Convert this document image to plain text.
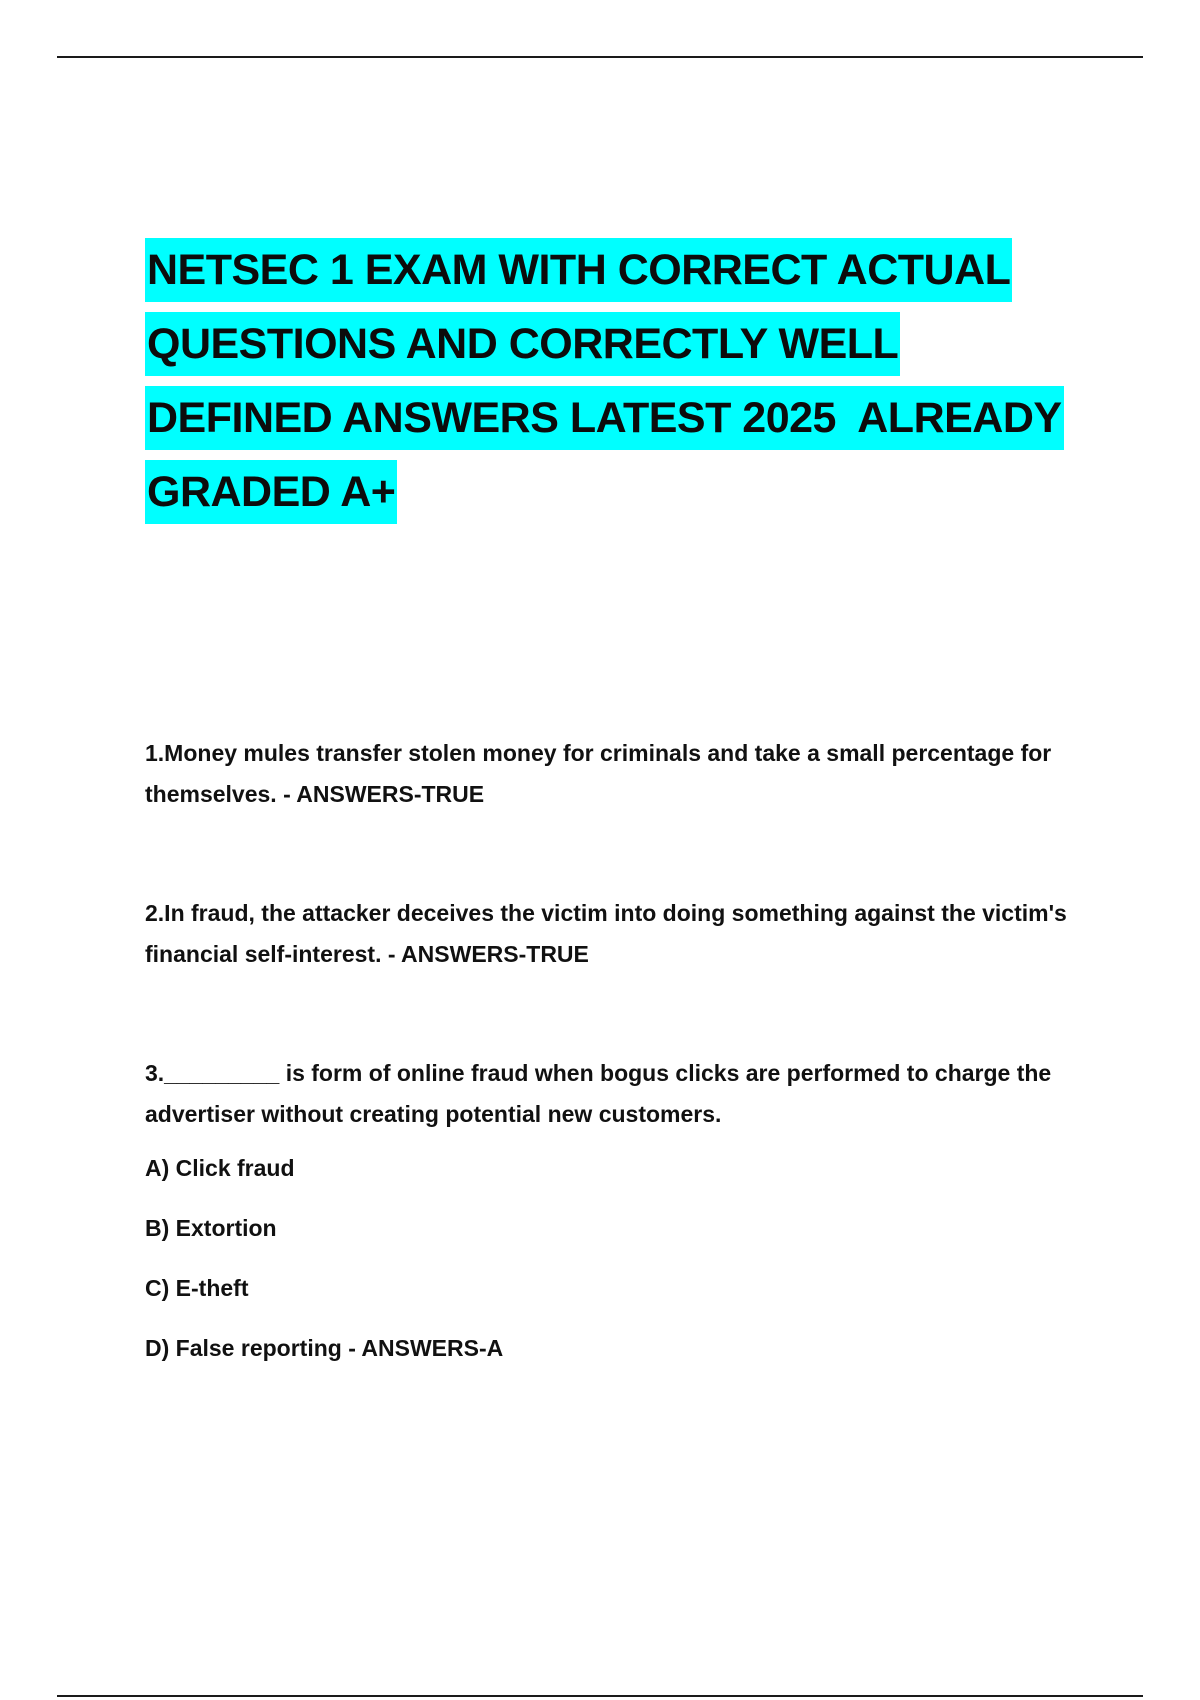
NETSEC 1 EXAM WITH CORRECT ACTUAL
QUESTIONS AND CORRECTLY WELL
DEFINED ANSWERS LATEST 2025  ALREADY
GRADED A+

1.Money mules transfer stolen money for criminals and take a small percentage for themselves. - ANSWERS-TRUE

2.In fraud, the attacker deceives the victim into doing something against the victim's financial self-interest. - ANSWERS-TRUE

3._________ is form of online fraud when bogus clicks are performed to charge the advertiser without creating potential new customers.

A) Click fraud

B) Extortion

C) E-theft

D) False reporting - ANSWERS-A
